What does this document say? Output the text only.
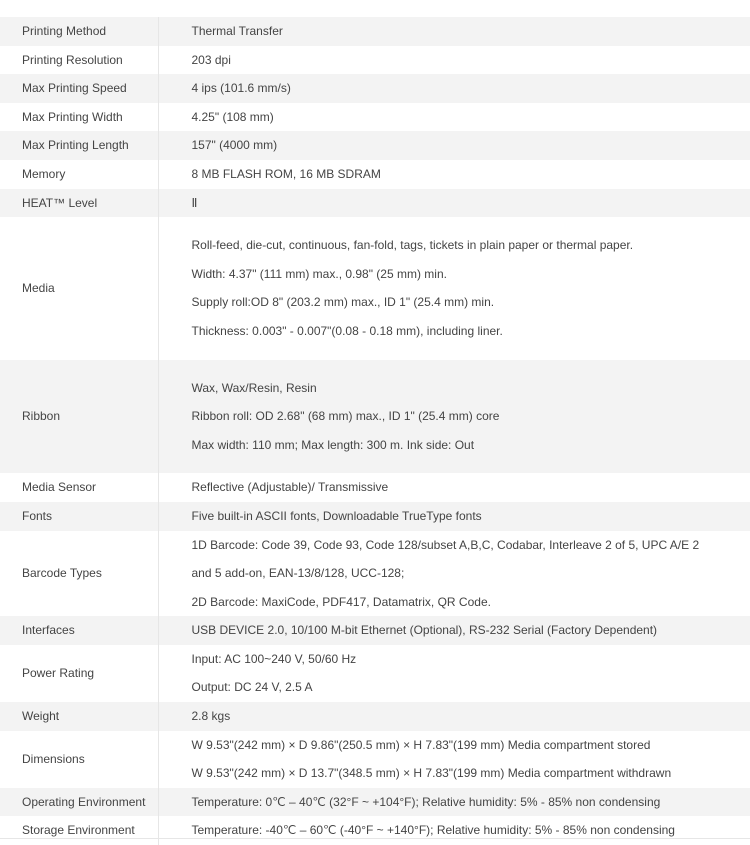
Printing Method	Thermal Transfer

Printing Resolution	203 dpi

Max Printing Speed	4 ips (101.6 mm/s)

Max Printing Width	4.25" (108 mm)

Max Printing Length	157" (4000 mm)

Memory	8 MB FLASH ROM, 16 MB SDRAM

HEAT™ Level	Ⅱ

Media	Roll-feed, die-cut, continuous, fan-fold, tags, tickets in plain paper or thermal paper.
Width: 4.37" (111 mm) max., 0.98" (25 mm) min.
Supply roll:OD 8" (203.2 mm) max., ID 1" (25.4 mm) min.
Thickness: 0.003" - 0.007"(0.08 - 0.18 mm), including liner.

Ribbon	Wax, Wax/Resin, Resin
Ribbon roll: OD 2.68" (68 mm) max., ID 1" (25.4 mm) core
Max width: 110 mm; Max length: 300 m. Ink side: Out

Media Sensor	Reflective (Adjustable)/ Transmissive

Fonts	Five built-in ASCII fonts, Downloadable TrueType fonts

Barcode Types	1D Barcode: Code 39, Code 93, Code 128/subset A,B,C, Codabar, Interleave 2 of 5, UPC A/E 2
and 5 add-on, EAN-13/8/128, UCC-128;
2D Barcode: MaxiCode, PDF417, Datamatrix, QR Code.

Interfaces	USB DEVICE 2.0, 10/100 M-bit Ethernet (Optional), RS-232 Serial (Factory Dependent)

Power Rating	Input: AC 100~240 V, 50/60 Hz
Output: DC 24 V, 2.5 A

Weight	2.8 kgs

Dimensions	W 9.53"(242 mm) × D 9.86"(250.5 mm) × H 7.83"(199 mm) Media compartment stored
W 9.53"(242 mm) × D 13.7"(348.5 mm) × H 7.83"(199 mm) Media compartment withdrawn

Operating Environment	Temperature: 0℃ – 40℃ (32°F ~ +104°F); Relative humidity: 5% - 85% non condensing

Storage Environment	Temperature: -40℃ – 60℃ (-40°F ~ +140°F); Relative humidity: 5% - 85% non condensing
